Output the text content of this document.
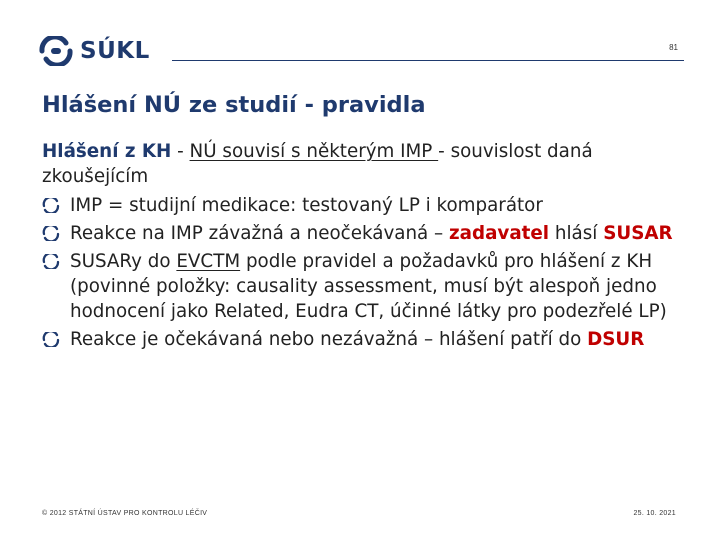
SÚKL	81
Hlášení NÚ ze studií - pravidla
Hlášení z KH - NÚ souvisí s některým IMP - souvislost daná zkoušejícím
IMP = studijní medikace: testovaný LP i komparátor
Reakce na IMP závažná a neočekávaná – zadavatel hlásí SUSAR
SUSARy do EVCTM podle pravidel a požadavků pro hlášení z KH (povinné položky: causality assessment, musí být alespoň jedno hodnocení jako Related, Eudra CT, účinné látky pro podezřelé LP)
Reakce je očekávaná nebo nezávažná – hlášení patří do DSUR
© 2012 STÁTNÍ ÚSTAV PRO KONTROLU LÉČIV	25. 10. 2021
